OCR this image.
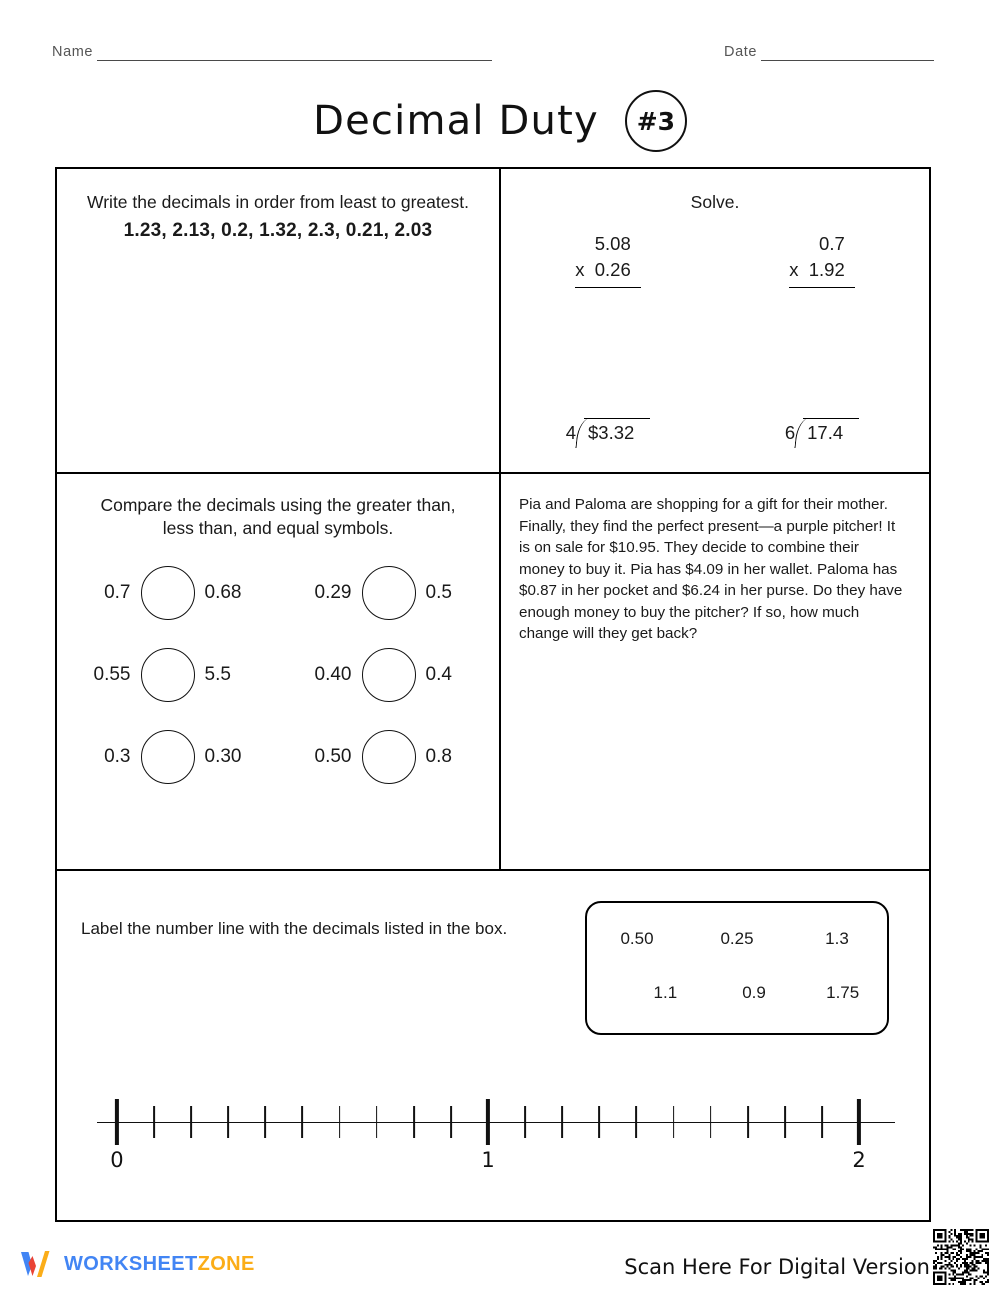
Name	Date
Decimal Duty	#3
Write the decimals in order from least to greatest.
1.23, 2.13, 0.2, 1.32, 2.3, 0.21, 2.03
Solve.
5.08
x  0.26
0.7
x  1.92
4 $3.32	6 17.4
Compare the decimals using the greater than, less than, and equal symbols.
0.7	0.68	0.29	0.5
0.55	5.5	0.40	0.4
0.3	0.30	0.50	0.8
Pia and Paloma are shopping for a gift for their mother. Finally, they find the perfect present—a purple pitcher! It is on sale for $10.95. They decide to combine their money to buy it. Pia has $4.09 in her wallet. Paloma has $0.87 in her pocket and $6.24 in her purse. Do they have enough money to buy the pitcher? If so, how much change will they get back?
Label the number line with the decimals listed in the box.
0.50	0.25	1.3
1.1	0.9	1.75
0	1	2
WORKSHEETZONE	Scan Here For Digital Version
